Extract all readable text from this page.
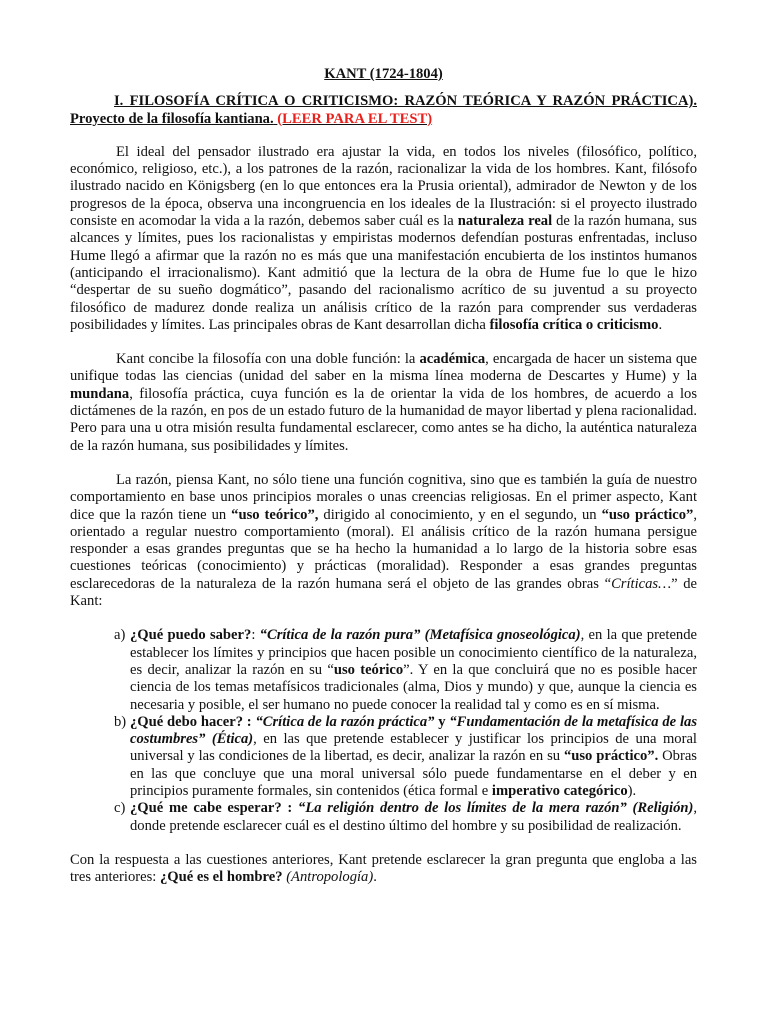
KANT (1724-1804)
I. FILOSOFÍA CRÍTICA O CRITICISMO: RAZÓN TEÓRICA Y RAZÓN PRÁCTICA). Proyecto de la filosofía kantiana. (LEER PARA EL TEST)

El ideal del pensador ilustrado era ajustar la vida, en todos los niveles (filosófico, político, económico, religioso, etc.), a los patrones de la razón, racionalizar la vida de los hombres. Kant, filósofo ilustrado nacido en Königsberg (en lo que entonces era la Prusia oriental), admirador de Newton y de los progresos de la época, observa una incongruencia en los ideales de la Ilustración: si el proyecto ilustrado consiste en acomodar la vida a la razón, debemos saber cuál es la naturaleza real de la razón humana, sus alcances y límites, pues los racionalistas y empiristas modernos defendían posturas enfrentadas, incluso Hume llegó a afirmar que la razón no es más que una manifestación encubierta de los instintos humanos (anticipando el irracionalismo). Kant admitió que la lectura de la obra de Hume fue lo que le hizo “despertar de su sueño dogmático”, pasando del racionalismo acrítico de su juventud a su proyecto filosófico de madurez donde realiza un análisis crítico de la razón para comprender sus verdaderas posibilidades y límites. Las principales obras de Kant desarrollan dicha filosofía crítica o criticismo.

Kant concibe la filosofía con una doble función: la académica, encargada de hacer un sistema que unifique todas las ciencias (unidad del saber en la misma línea moderna de Descartes y Hume) y la mundana, filosofía práctica, cuya función es la de orientar la vida de los hombres, de acuerdo a los dictámenes de la razón, en pos de un estado futuro de la humanidad de mayor libertad y plena racionalidad. Pero para una u otra misión resulta fundamental esclarecer, como antes se ha dicho, la auténtica naturaleza de la razón humana, sus posibilidades y límites.

La razón, piensa Kant, no sólo tiene una función cognitiva, sino que es también la guía de nuestro comportamiento en base unos principios morales o unas creencias religiosas. En el primer aspecto, Kant dice que la razón tiene un “uso teórico”, dirigido al conocimiento, y en el segundo, un “uso práctico”, orientado a regular nuestro comportamiento (moral). El análisis crítico de la razón humana persigue responder a esas grandes preguntas que se ha hecho la humanidad a lo largo de la historia sobre esas cuestiones teóricas (conocimiento) y prácticas (moralidad). Responder a esas grandes preguntas esclarecedoras de la naturaleza de la razón humana será el objeto de las grandes obras “Críticas…” de Kant:

a) ¿Qué puedo saber?: “Crítica de la razón pura” (Metafísica gnoseológica), en la que pretende establecer los límites y principios que hacen posible un conocimiento científico de la naturaleza, es decir, analizar la razón en su “uso teórico”. Y en la que concluirá que no es posible hacer ciencia de los temas metafísicos tradicionales (alma, Dios y mundo) y que, aunque la ciencia es necesaria y posible, el ser humano no puede conocer la realidad tal y como es en sí misma.
b) ¿Qué debo hacer? : “Crítica de la razón práctica” y “Fundamentación de la metafísica de las costumbres” (Ética), en las que pretende establecer y justificar los principios de una moral universal y las condiciones de la libertad, es decir, analizar la razón en su “uso práctico”. Obras en las que concluye que una moral universal sólo puede fundamentarse en el deber y en principios puramente formales, sin contenidos (ética formal e imperativo categórico).
c) ¿Qué me cabe esperar? : “La religión dentro de los límites de la mera razón” (Religión), donde pretende esclarecer cuál es el destino último del hombre y su posibilidad de realización.

Con la respuesta a las cuestiones anteriores, Kant pretende esclarecer la gran pregunta que engloba a las tres anteriores: ¿Qué es el hombre? (Antropología).
